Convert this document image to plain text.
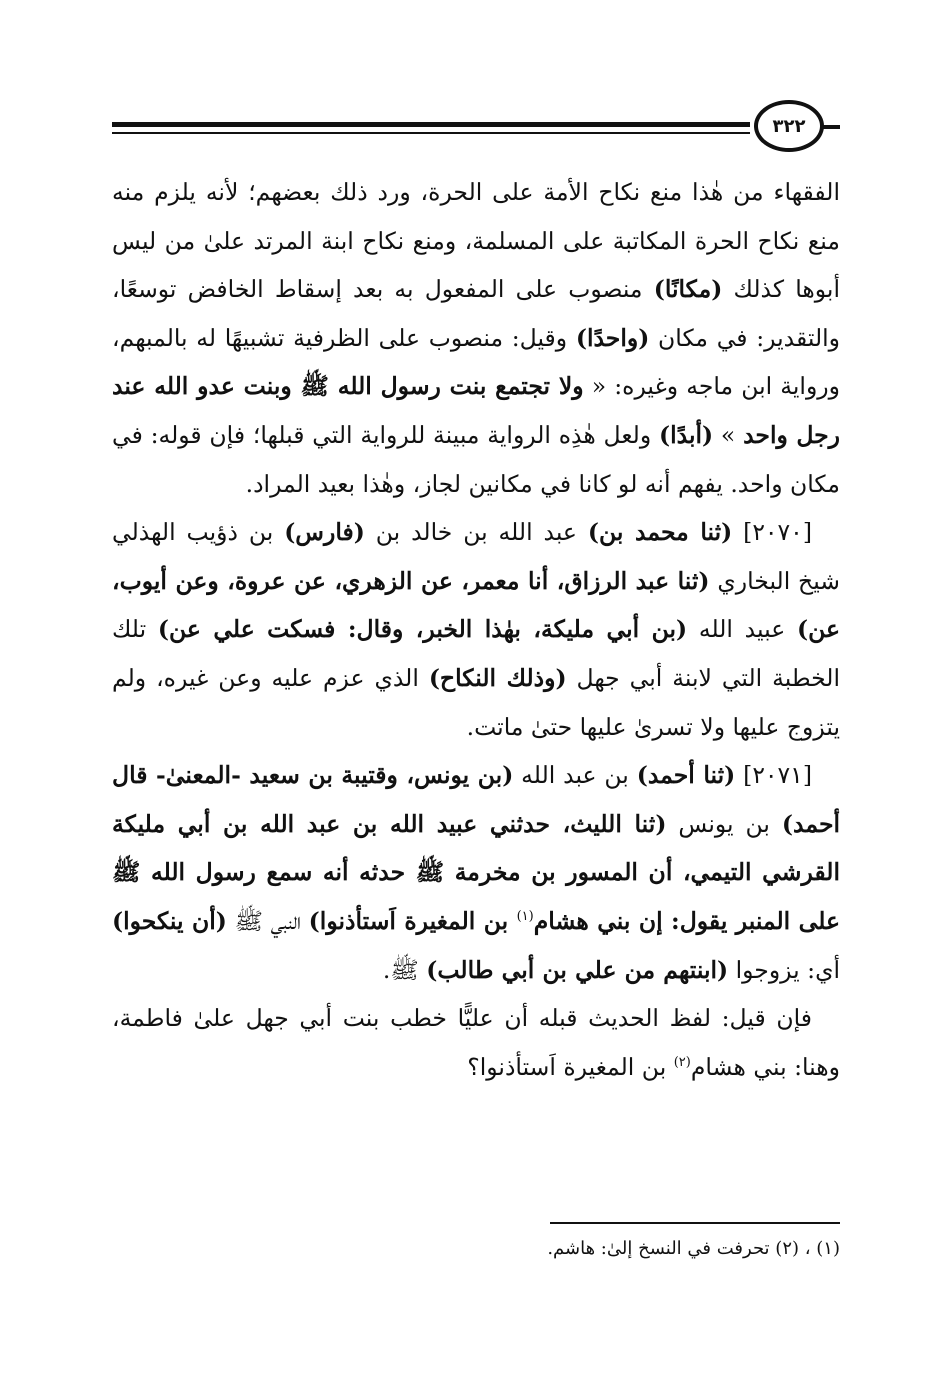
٣٢٢

الفقهاء من هٰذا منع نكاح الأمة على الحرة، ورد ذلك بعضهم؛ لأنه يلزم منه منع نكاح الحرة المكاتبة على المسلمة، ومنع نكاح ابنة المرتد علىٰ من ليس أبوها كذلك (مكانًا) منصوب على المفعول به بعد إسقاط الخافض توسعًا، والتقدير: في مكان (واحدًا) وقيل: منصوب على الظرفية تشبيهًا له بالمبهم، ورواية ابن ماجه وغيره: « ولا تجتمع بنت رسول الله ﷺ وبنت عدو الله عند رجل واحد » (أبدًا) ولعل هٰذِه الرواية مبينة للرواية التي قبلها؛ فإن قوله: في مكان واحد. يفهم أنه لو كانا في مكانين لجاز، وهٰذا بعيد المراد.

[٢٠٧٠] (ثنا محمد بن) عبد الله بن خالد بن (فارس) بن ذؤيب الهذلي شيخ البخاري (ثنا عبد الرزاق، أنا معمر، عن الزهري، عن عروة، وعن أيوب، عن) عبيد الله (بن أبي مليكة، بهٰذا الخبر، وقال: فسكت علي عن) تلك الخطبة التي لابنة أبي جهل (وذلك النكاح) الذي عزم عليه وعن غيره، ولم يتزوج عليها ولا تسرىٰ عليها حتىٰ ماتت.

[٢٠٧١] (ثنا أحمد) بن عبد الله (بن يونس، وقتيبة بن سعيد -المعنىٰ- قال أحمد) بن يونس (ثنا الليث، حدثني عبيد الله بن عبد الله بن أبي مليكة القرشي التيمي، أن المسور بن مخرمة ﷺ حدثه أنه سمع رسول الله ﷺ على المنبر يقول: إن بني هشام$^{(١)}$ بن المغيرة اَستأذنوا) النبي ﷺ (أن ينكحوا) أي: يزوجوا (ابنتهم من علي بن أبي طالب) ﷺ.

فإن قيل: لفظ الحديث قبله أن عليًّا خطب بنت أبي جهل علىٰ فاطمة، وهنا: بني هشام$^{(٢)}$ بن المغيرة اَستأذنوا؟

(١) ، (٢) تحرفت في النسخ إلىٰ: هاشم.
